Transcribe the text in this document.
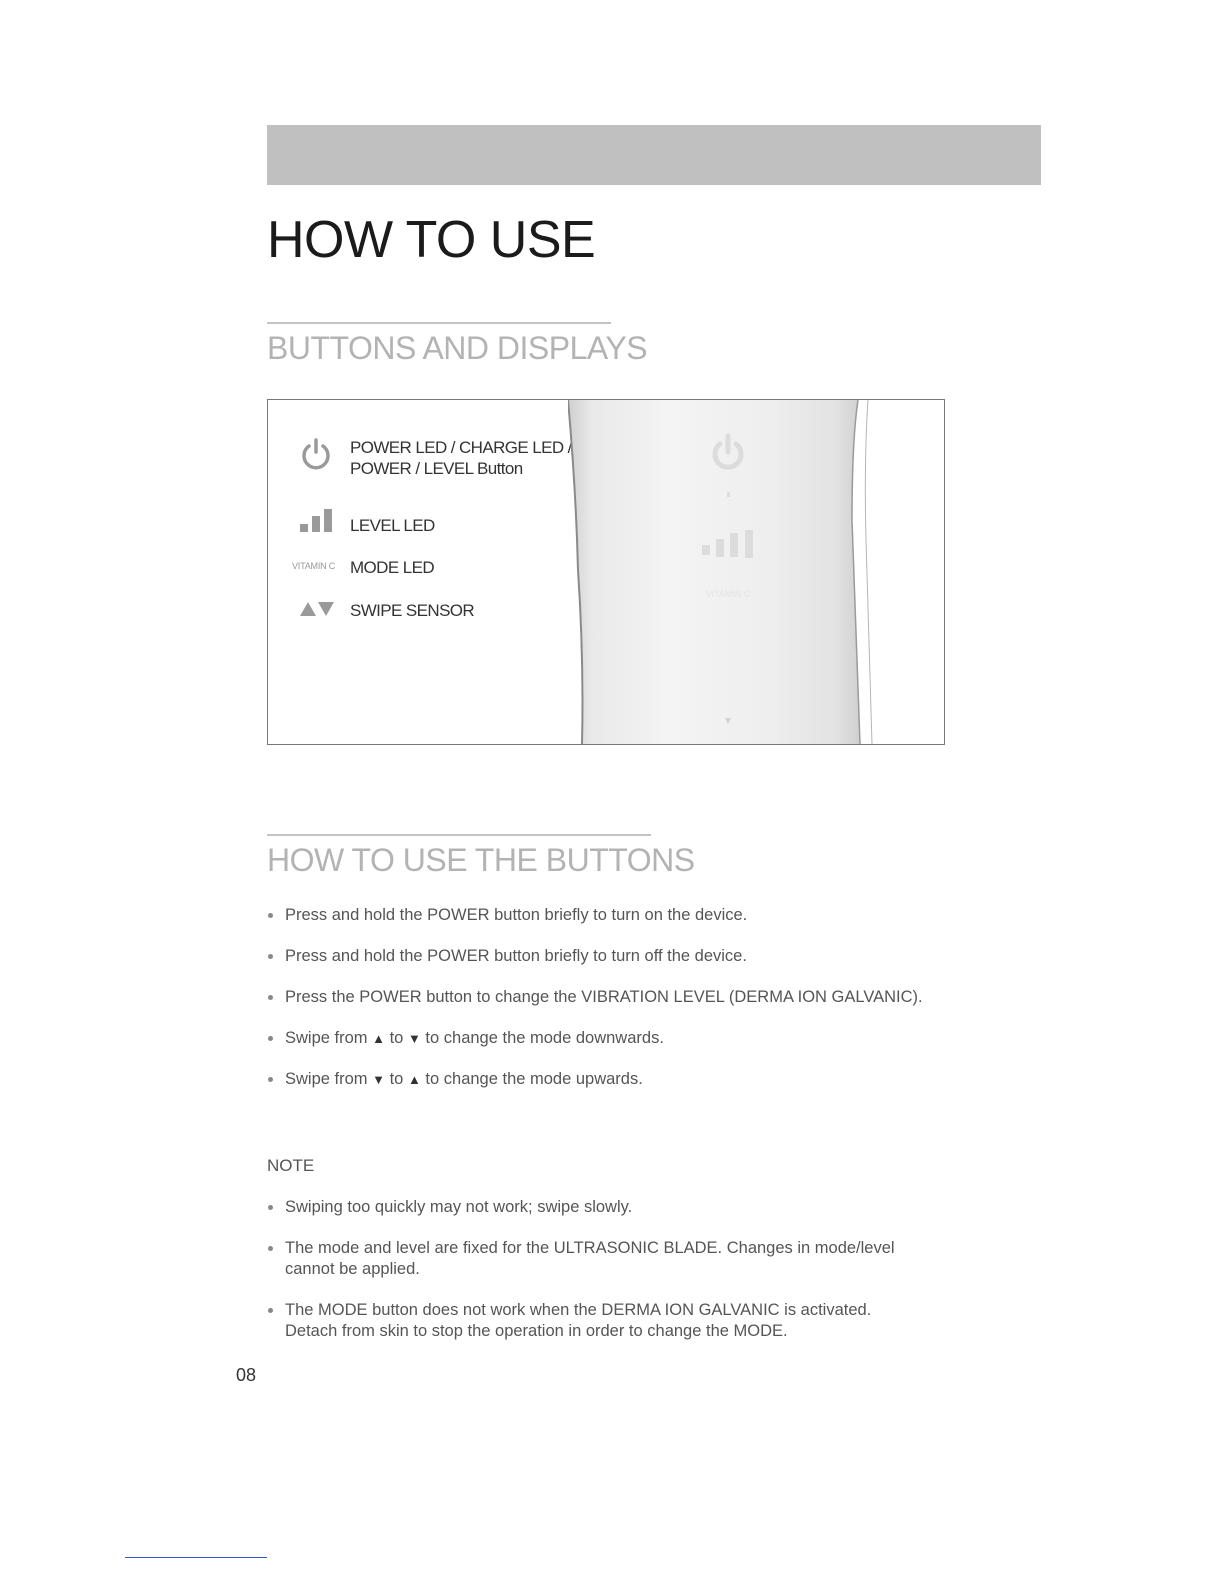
HOW TO USE
BUTTONS AND DISPLAYS
POWER LED / CHARGE LED /
POWER / LEVEL Button
LEVEL LED
VITAMIN C MODE LED
SWIPE SENSOR
VITAMIN C
HOW TO USE THE BUTTONS
Press and hold the POWER button briefly to turn on the device.
Press and hold the POWER button briefly to turn off the device.
Press the POWER button to change the VIBRATION LEVEL (DERMA ION GALVANIC).
Swipe from ▲ to ▼ to change the mode downwards.
Swipe from ▼ to ▲ to change the mode upwards.
NOTE
Swiping too quickly may not work; swipe slowly.
The mode and level are fixed for the ULTRASONIC BLADE. Changes in mode/level cannot be applied.
The MODE button does not work when the DERMA ION GALVANIC is activated. Detach from skin to stop the operation in order to change the MODE.
08
